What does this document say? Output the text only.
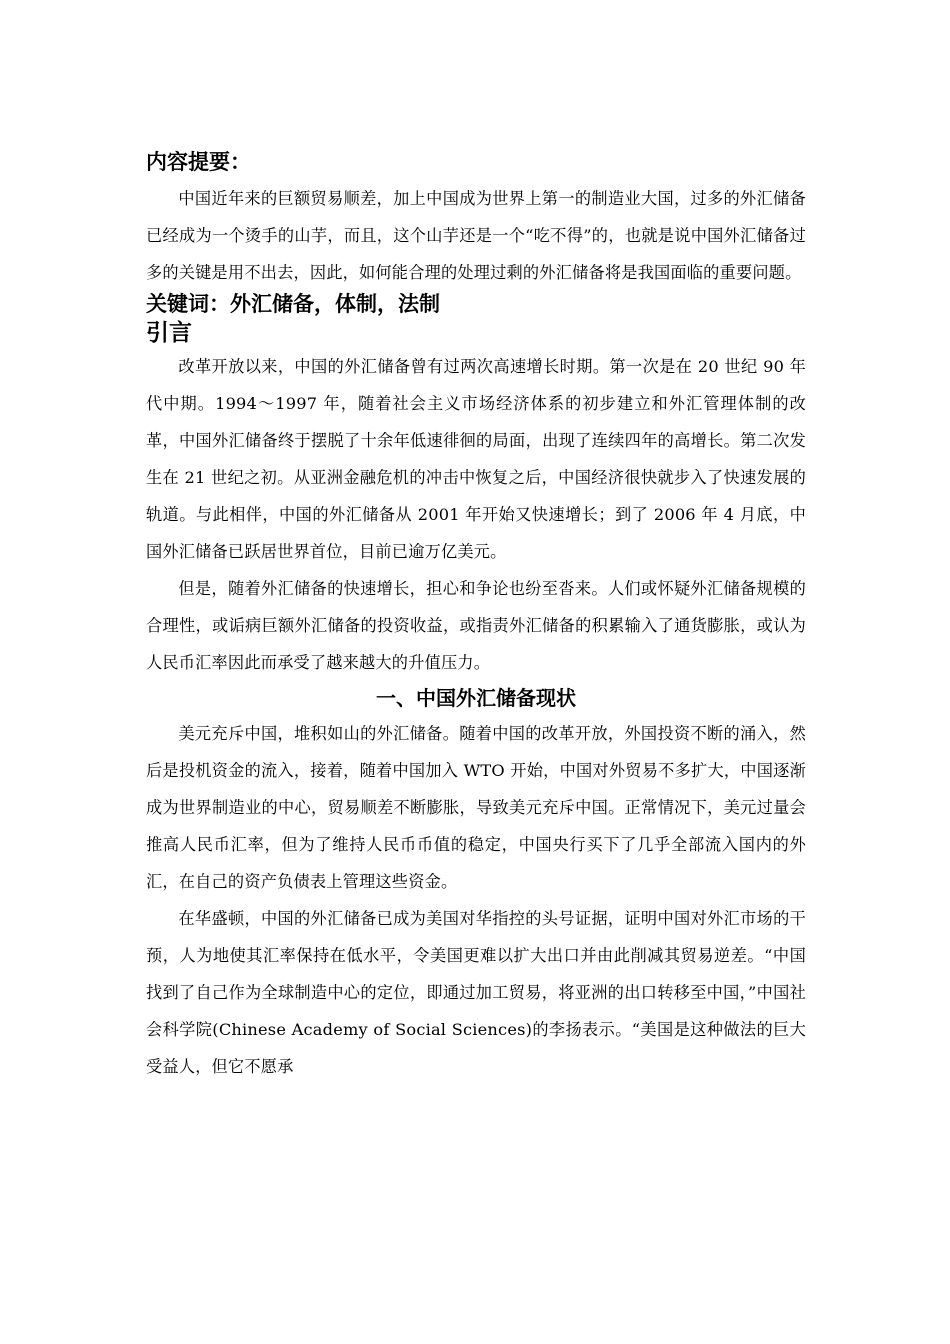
内容提要：

中国近年来的巨额贸易顺差，加上中国成为世界上第一的制造业大国，过多的外汇储备已经成为一个烫手的山芋，而且，这个山芋还是一个“吃不得”的，也就是说中国外汇储备过多的关键是用不出去，因此，如何能合理的处理过剩的外汇储备将是我国面临的重要问题。

关键词：外汇储备，体制，法制
引言

改革开放以来，中国的外汇储备曾有过两次高速增长时期。第一次是在 20 世纪 90 年代中期。1994～1997 年，随着社会主义市场经济体系的初步建立和外汇管理体制的改革，中国外汇储备终于摆脱了十余年低速徘徊的局面，出现了连续四年的高增长。第二次发生在 21 世纪之初。从亚洲金融危机的冲击中恢复之后，中国经济很快就步入了快速发展的轨道。与此相伴，中国的外汇储备从 2001 年开始又快速增长；到了 2006 年 4 月底，中国外汇储备已跃居世界首位，目前已逾万亿美元。

但是，随着外汇储备的快速增长，担心和争论也纷至沓来。人们或怀疑外汇储备规模的合理性，或诟病巨额外汇储备的投资收益，或指责外汇储备的积累输入了通货膨胀，或认为人民币汇率因此而承受了越来越大的升值压力。

一、中国外汇储备现状

美元充斥中国，堆积如山的外汇储备。随着中国的改革开放，外国投资不断的涌入，然后是投机资金的流入，接着，随着中国加入 WTO 开始，中国对外贸易不多扩大，中国逐渐成为世界制造业的中心，贸易顺差不断膨胀，导致美元充斥中国。正常情况下，美元过量会推高人民币汇率，但为了维持人民币币值的稳定，中国央行买下了几乎全部流入国内的外汇，在自己的资产负债表上管理这些资金。

在华盛顿，中国的外汇储备已成为美国对华指控的头号证据，证明中国对外汇市场的干预，人为地使其汇率保持在低水平，令美国更难以扩大出口并由此削减其贸易逆差。“中国找到了自己作为全球制造中心的定位，即通过加工贸易，将亚洲的出口转移至中国，”中国社会科学院(Chinese Academy of Social Sciences)的李扬表示。“美国是这种做法的巨大受益人，但它不愿承
